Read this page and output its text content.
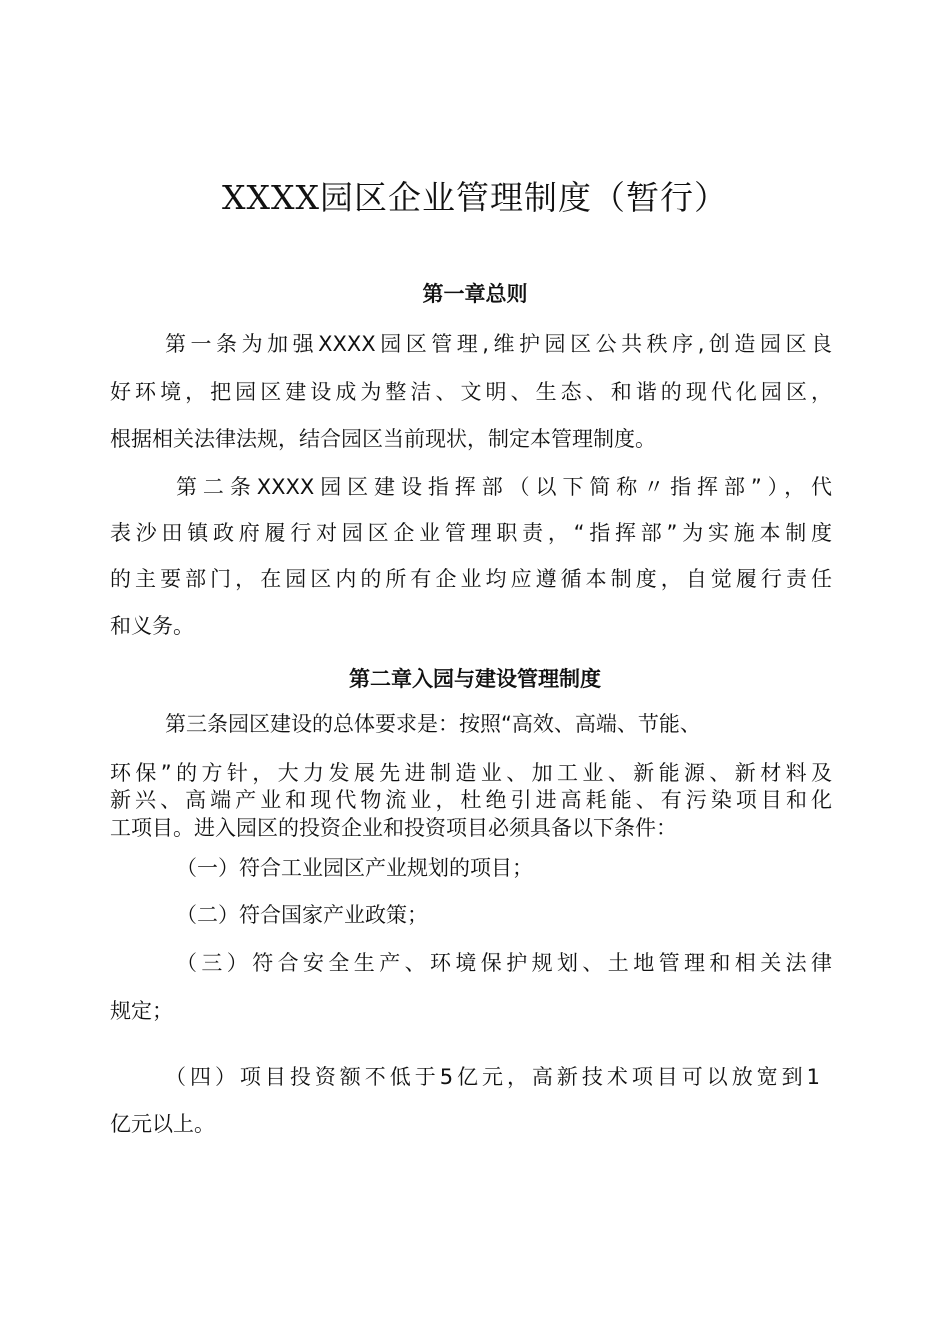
XXXX园区企业管理制度（暂行）
第一章总则
第一条为加强XXXX园区管理,维护园区公共秩序,创造园区良
好环境，把园区建设成为整洁、文明、生态、和谐的现代化园区，
根据相关法律法规，结合园区当前现状，制定本管理制度。
第二条XXXX园区建设指挥部（以下简称〃指挥部”），代
表沙田镇政府履行对园区企业管理职责，“指挥部”为实施本制度
的主要部门，在园区内的所有企业均应遵循本制度，自觉履行责任
和义务。
第二章入园与建设管理制度
第三条园区建设的总体要求是：按照“高效、高端、节能、
环保”的方针，大力发展先进制造业、加工业、新能源、新材料及
新兴、高端产业和现代物流业，杜绝引进高耗能、有污染项目和化
工项目。进入园区的投资企业和投资项目必须具备以下条件：
（一）符合工业园区产业规划的项目；
（二）符合国家产业政策；
（三）符合安全生产、环境保护规划、土地管理和相关法律
规定；
（四）项目投资额不低于5亿元，高新技术项目可以放宽到1
亿元以上。
